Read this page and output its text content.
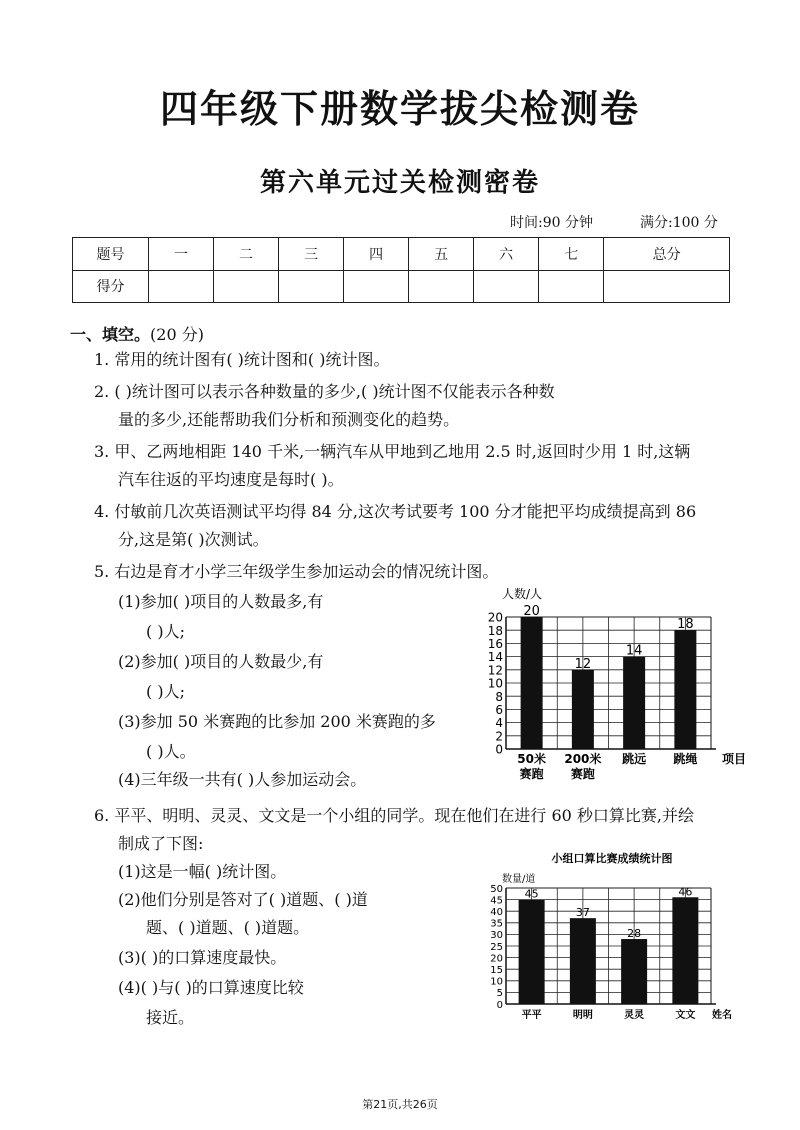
四年级下册数学拔尖检测卷
第六单元过关检测密卷
时间:90 分钟	满分:100 分
题号	一	二	三	四	五	六	七	总分
得分								
一、填空。(20 分)
1. 常用的统计图有( )统计图和( )统计图。
2. ( )统计图可以表示各种数量的多少,( )统计图不仅能表示各种数
量的多少,还能帮助我们分析和预测变化的趋势。
3. 甲、乙两地相距 140 千米,一辆汽车从甲地到乙地用 2.5 时,返回时少用 1 时,这辆
汽车往返的平均速度是每时( )。
4. 付敏前几次英语测试平均得 84 分,这次考试要考 100 分才能把平均成绩提高到 86
分,这是第( )次测试。
5. 右边是育才小学三年级学生参加运动会的情况统计图。
(1)参加( )项目的人数最多,有
( )人;
(2)参加( )项目的人数最少,有
( )人;
(3)参加 50 米赛跑的比参加 200 米赛跑的多
( )人。
(4)三年级一共有( )人参加运动会。
6. 平平、明明、灵灵、文文是一个小组的同学。现在他们在进行 60 秒口算比赛,并绘
制成了下图:
(1)这是一幅( )统计图。
(2)他们分别是答对了( )道题、( )道
题、( )道题、( )道题。
(3)( )的口算速度最快。
(4)( )与( )的口算速度比较
接近。
人数/人
0
2
4
6
8
10
12
14
16
18
20 20
50米
赛跑
12
200米
赛跑
14
跳远
18
跳绳 项目
小组口算比赛成绩统计图
数量/道
0
5
10
15
20
25
30
35
40
45
50 45
平平
37
明明
28
灵灵
46
文文 姓名
第21页,共26页
